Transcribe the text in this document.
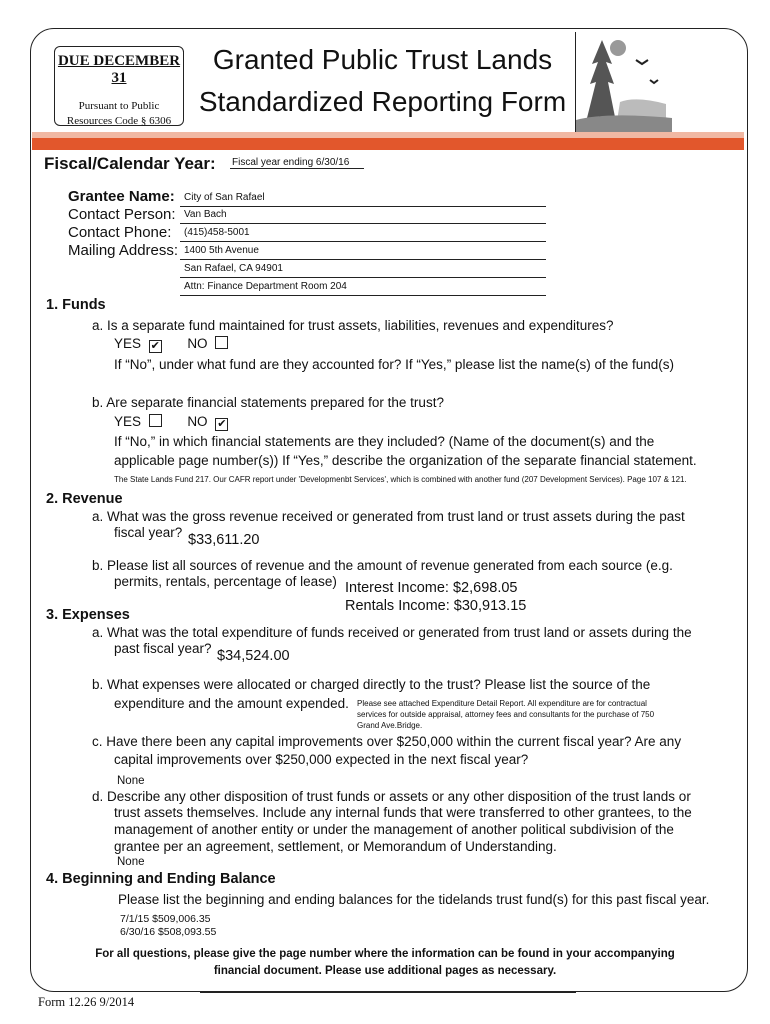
DUE DECEMBER 31
Pursuant to Public
Resources Code § 6306
Granted Public Trust Lands
Standardized Reporting Form
Fiscal/Calendar Year: Fiscal year ending 6/30/16
Grantee Name: City of San Rafael
Contact Person: Van Bach
Contact Phone:	(415)458-5001
Mailing Address: 1400 5th Avenue
San Rafael, CA 94901
Attn: Finance Department Room 204
1. Funds
a. Is a separate fund maintained for trust assets, liabilities, revenues and expenditures?
YES ✔ NO
If “No”, under what fund are they accounted for? If “Yes,” please list the name(s) of the fund(s)
b. Are separate financial statements prepared for the trust?
YES	NO ✔
If “No,” in which financial statements are they included? (Name of the document(s) and the
applicable page number(s)) If “Yes,” describe the organization of the separate financial statement.
The State Lands Fund 217. Our CAFR report under 'Developmenbt Services', which is combined with another fund (207 Development Services). Page 107 & 121.
2. Revenue
a. What was the gross revenue received or generated from trust land or trust assets during the past
fiscal year? $33,611.20
b. Please list all sources of revenue and the amount of revenue generated from each source (e.g.
permits, rentals, percentage of lease) Interest Income: $2,698.05
Rentals Income: $30,913.15
3. Expenses
a. What was the total expenditure of funds received or generated from trust land or assets during the
past fiscal year? $34,524.00
b. What expenses were allocated or charged directly to the trust? Please list the source of the
expenditure and the amount expended. Please see attached Expenditure Detail Report. All expenditure are for contractual
services for outside appraisal, attorney fees and consultants for the purchase of 750
Grand Ave.Bridge.
c. Have there been any capital improvements over $250,000 within the current fiscal year? Are any
capital improvements over $250,000 expected in the next fiscal year?
None
d. Describe any other disposition of trust funds or assets or any other disposition of the trust lands or
trust assets themselves. Include any internal funds that were transferred to other grantees, to the
management of another entity or under the management of another political subdivision of the
grantee per an agreement, settlement, or Memorandum of Understanding.
None
4. Beginning and Ending Balance
Please list the beginning and ending balances for the tidelands trust fund(s) for this past fiscal year.
7/1/15 $509,006.35
6/30/16 $508,093.55
For all questions, please give the page number where the information can be found in your accompanying
financial document. Please use additional pages as necessary.
Form 12.26 9/2014
